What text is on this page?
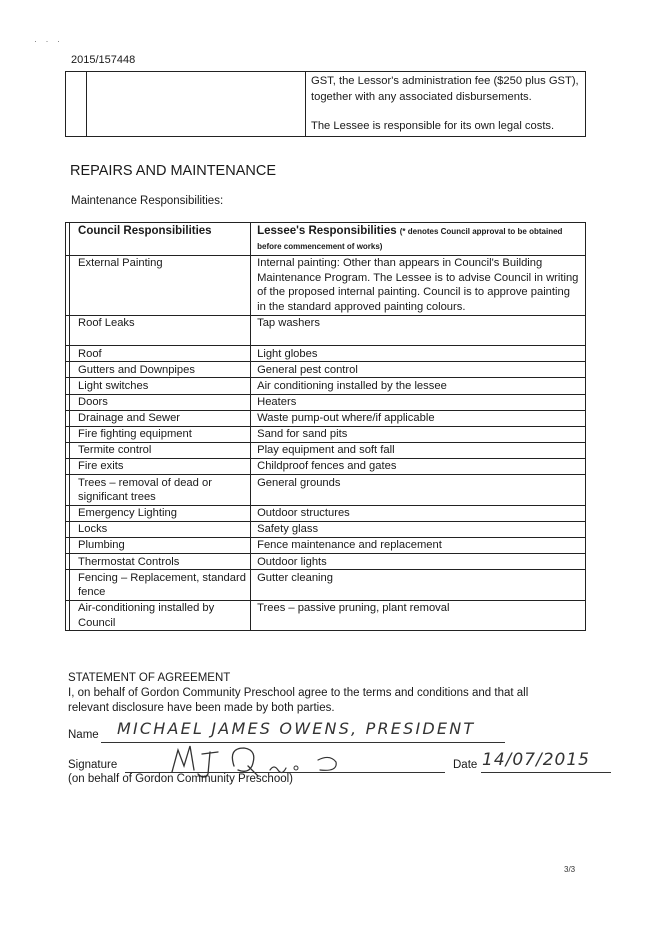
· · ·
2015/157448

GST, the Lessor's administration fee ($250 plus GST), together with any associated disbursements.

The Lessee is responsible for its own legal costs.

REPAIRS AND MAINTENANCE
Maintenance Responsibilities:
	Council Responsibilities	Lessee's Responsibilities (* denotes Council approval to be obtained before commencement of works)
	External Painting	Internal painting: Other than appears in Council's Building Maintenance Program. The Lessee is to advise Council in writing of the proposed internal painting. Council is to approve painting in the standard approved painting colours.
	Roof Leaks	Tap washers
	Roof	Light globes
	Gutters and Downpipes	General pest control
	Light switches	Air conditioning installed by the lessee
	Doors	Heaters
	Drainage and Sewer	Waste pump-out where/if applicable
	Fire fighting equipment	Sand for sand pits
	Termite control	Play equipment and soft fall
	Fire exits	Childproof fences and gates
	Trees – removal of dead or significant trees	General grounds
	Emergency Lighting	Outdoor structures
	Locks	Safety glass
	Plumbing	Fence maintenance and replacement
	Thermostat Controls	Outdoor lights
	Fencing – Replacement, standard fence	Gutter cleaning
	Air-conditioning installed by Council	Trees – passive pruning, plant removal
STATEMENT OF AGREEMENT
I, on behalf of Gordon Community Preschool agree to the terms and conditions and that all
relevant disclosure have been made by both parties.
Name MICHAEL JAMES OWENS, PRESIDENT
Signature	Date 14/07/2015
(on behalf of Gordon Community Preschool)
3/3
